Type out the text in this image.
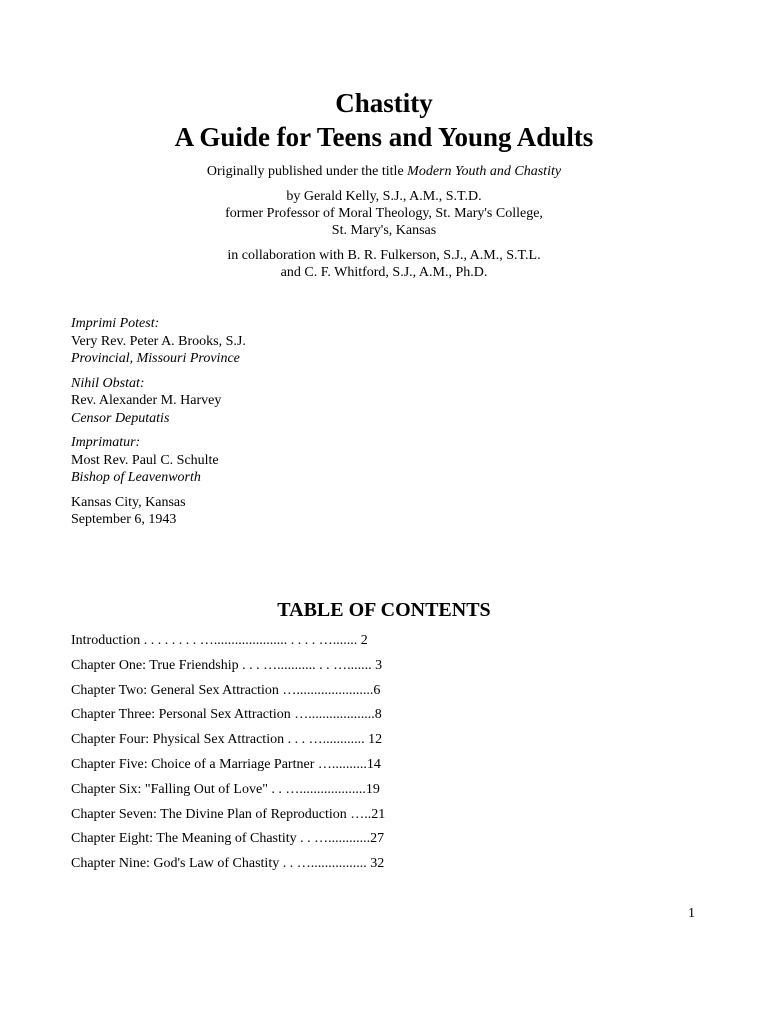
Chastity
A Guide for Teens and Young Adults
Originally published under the title Modern Youth and Chastity
by Gerald Kelly, S.J., A.M., S.T.D.
former Professor of Moral Theology, St. Mary's College,
St. Mary's, Kansas
in collaboration with B. R. Fulkerson, S.J., A.M., S.T.L.
and C. F. Whitford, S.J., A.M., Ph.D.
Imprimi Potest:
Very Rev. Peter A. Brooks, S.J.
Provincial, Missouri Province
Nihil Obstat:
Rev. Alexander M. Harvey
Censor Deputatis
Imprimatur:
Most Rev. Paul C. Schulte
Bishop of Leavenworth
Kansas City, Kansas
September 6, 1943
TABLE OF CONTENTS
Introduction . . . . . . . . …..................... . . . . …....... 2
Chapter One: True Friendship . . . …........... . . …....... 3
Chapter Two: General Sex Attraction …......................6
Chapter Three: Personal Sex Attraction …...................8
Chapter Four: Physical Sex Attraction . . . …............ 12
Chapter Five: Choice of a Marriage Partner …..........14
Chapter Six: "Falling Out of Love" . . …...................19
Chapter Seven: The Divine Plan of Reproduction …..21
Chapter Eight: The Meaning of Chastity . . …............27
Chapter Nine: God's Law of Chastity . . …................ 32
1
